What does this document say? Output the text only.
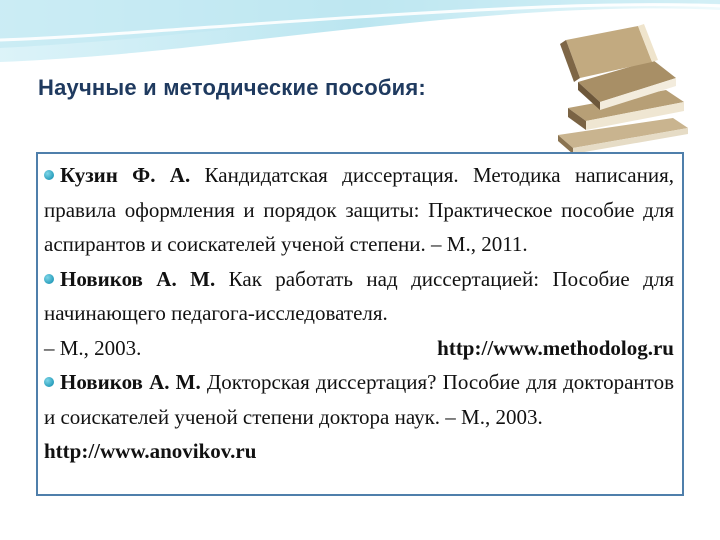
Научные и методические пособия:

Кузин Ф. А. Кандидатская диссертация. Методика написания, правила оформления и порядок защиты: Практическое пособие для аспирантов и соискателей ученой степени. – М., 2011.

Новиков А. М. Как работать над диссертацией: Пособие для начинающего педагога-исследователя.

– М., 2003.	http://www.methodolog.ru

Новиков А. М. Докторская диссертация? Пособие для докторантов и соискателей ученой степени доктора наук. – М., 2003.

http://www.anovikov.ru
